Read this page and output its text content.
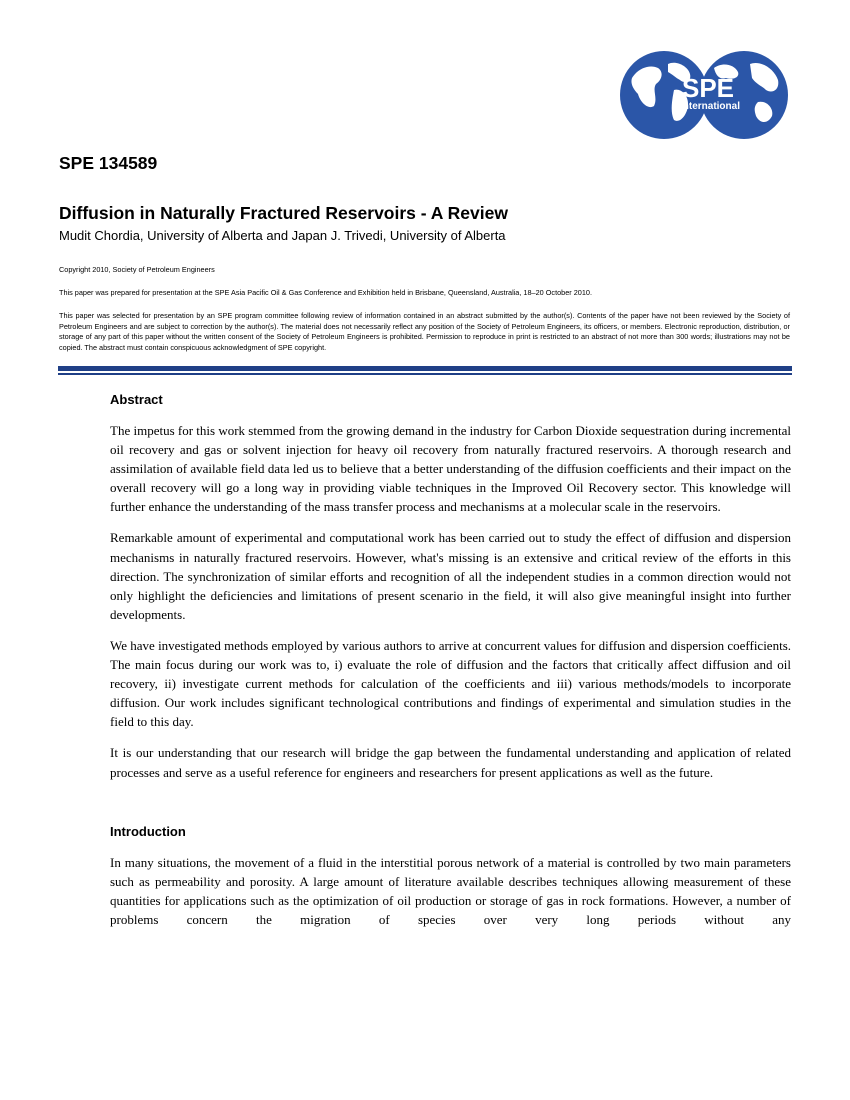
SPE
International
SPE 134589
Diffusion in Naturally Fractured Reservoirs - A Review

Mudit Chordia, University of Alberta and Japan J. Trivedi, University of Alberta

Copyright 2010, Society of Petroleum Engineers

This paper was prepared for presentation at the SPE Asia Pacific Oil & Gas Conference and Exhibition held in Brisbane, Queensland, Australia, 18–20 October 2010.

This paper was selected for presentation by an SPE program committee following review of information contained in an abstract submitted by the author(s). Contents of the paper have not been reviewed by the Society of Petroleum Engineers and are subject to correction by the author(s). The material does not necessarily reflect any position of the Society of Petroleum Engineers, its officers, or members. Electronic reproduction, distribution, or storage of any part of this paper without the written consent of the Society of Petroleum Engineers is prohibited. Permission to reproduce in print is restricted to an abstract of not more than 300 words; illustrations may not be copied. The abstract must contain conspicuous acknowledgment of SPE copyright.

Abstract

The impetus for this work stemmed from the growing demand in the industry for Carbon Dioxide sequestration during incremental oil recovery and gas or solvent injection for heavy oil recovery from naturally fractured reservoirs. A thorough research and assimilation of available field data led us to believe that a better understanding of the diffusion coefficients and their impact on the overall recovery will go a long way in providing viable techniques in the Improved Oil Recovery sector. This knowledge will further enhance the understanding of the mass transfer process and mechanisms at a molecular scale in the reservoirs.

Remarkable amount of experimental and computational work has been carried out to study the effect of diffusion and dispersion mechanisms in naturally fractured reservoirs. However, what's missing is an extensive and critical review of the efforts in this direction. The synchronization of similar efforts and recognition of all the independent studies in a common direction would not only highlight the deficiencies and limitations of present scenario in the field, it will also give meaningful insight into further developments.

We have investigated methods employed by various authors to arrive at concurrent values for diffusion and dispersion coefficients. The main focus during our work was to, i) evaluate the role of diffusion and the factors that critically affect diffusion and oil recovery, ii) investigate current methods for calculation of the coefficients and iii) various methods/models to incorporate diffusion. Our work includes significant technological contributions and findings of experimental and simulation studies in the field to this day.

It is our understanding that our research will bridge the gap between the fundamental understanding and application of related processes and serve as a useful reference for engineers and researchers for present applications as well as the future.

Introduction

In many situations, the movement of a fluid in the interstitial porous network of a material is controlled by two main parameters such as permeability and porosity. A large amount of literature available describes techniques allowing measurement of these quantities for applications such as the optimization of oil production or storage of gas in rock formations. However, a number of problems concern the migration of species over very long periods without any
